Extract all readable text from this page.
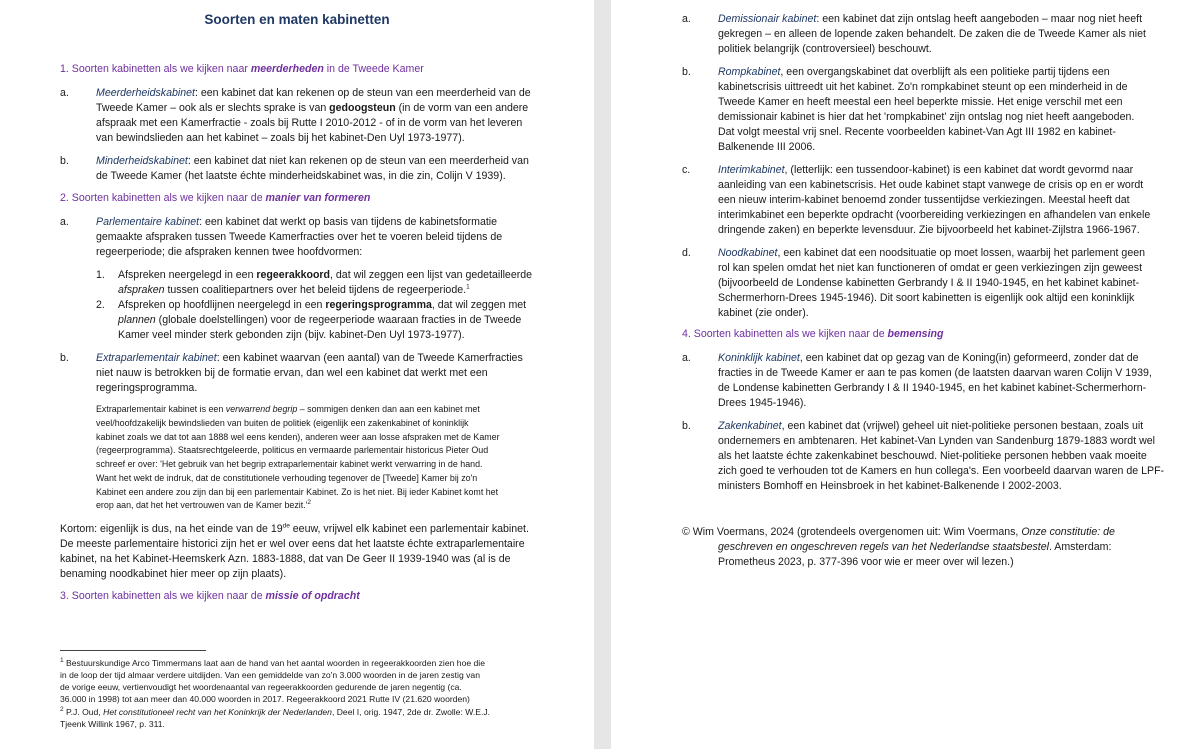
Soorten en maten kabinetten
1. Soorten kabinetten als we kijken naar meerderheden in de Tweede Kamer
a.	Meerderheidskabinet: een kabinet dat kan rekenen op de steun van een meerderheid van de
Tweede Kamer – ook als er slechts sprake is van gedoogsteun (in de vorm van een andere
afspraak met een Kamerfractie - zoals bij Rutte I 2010-2012 - of in de vorm van het leveren
van bewindslieden aan het kabinet – zoals bij het kabinet-Den Uyl 1973-1977).
b.	Minderheidskabinet: een kabinet dat niet kan rekenen op de steun van een meerderheid van
de Tweede Kamer (het laatste échte minderheidskabinet was, in die zin, Colijn V 1939).
2. Soorten kabinetten als we kijken naar de manier van formeren
a.	Parlementaire kabinet: een kabinet dat werkt op basis van tijdens de kabinetsformatie
gemaakte afspraken tussen Tweede Kamerfracties over het te voeren beleid tijdens de
regeerperiode; die afspraken kennen twee hoofdvormen:
1. Afspreken neergelegd in een regeerakkoord, dat wil zeggen een lijst van gedetailleerde
afspraken tussen coalitiepartners over het beleid tijdens de regeerperiode.$^1$
2. Afspreken op hoofdlijnen neergelegd in een regeringsprogramma, dat wil zeggen met
plannen (globale doelstellingen) voor de regeerperiode waaraan fracties in de Tweede
Kamer veel minder sterk gebonden zijn (bijv. kabinet-Den Uyl 1973-1977).
b.	Extraparlementair kabinet: een kabinet waarvan (een aantal) van de Tweede Kamerfracties
niet nauw is betrokken bij de formatie ervan, dan wel een kabinet dat werkt met een
regeringsprogramma.
Extraparlementair kabinet is een verwarrend begrip – sommigen denken dan aan een kabinet met
veel/hoofdzakelijk bewindslieden van buiten de politiek (eigenlijk een zakenkabinet of koninklijk
kabinet zoals we dat tot aan 1888 wel eens kenden), anderen weer aan losse afspraken met de Kamer
(regeerprogramma). Staatsrechtgeleerde, politicus en vermaarde parlementair historicus Pieter Oud
schreef er over: 'Het gebruik van het begrip extraparlementair kabinet werkt verwarring in de hand.
Want het wekt de indruk, dat de constitutionele verhouding tegenover de [Tweede] Kamer bij zo'n
Kabinet een andere zou zijn dan bij een parlementair Kabinet. Zo is het niet. Bij ieder Kabinet komt het
erop aan, dat het het vertrouwen van de Kamer $bezit.'^2$
Kortom: eigenlijk is dus, na het einde van de 19de eeuw, vrijwel elk kabinet een parlementair kabinet.
De meeste parlementaire historici zijn het er wel over eens dat het laatste échte extraparlementaire
kabinet, na het Kabinet-Heemskerk Azn. 1883-1888, dat van De Geer II 1939-1940 was (al is de
benaming noodkabinet hier meer op zijn plaats).
3. Soorten kabinetten als we kijken naar de missie of opdracht
$^1$ Bestuurskundige Arco Timmermans laat aan de hand van het aantal woorden in regeerakkoorden zien hoe die
in de loop der tijd almaar verdere uitdijden. Van een gemiddelde van zo'n 3.000 woorden in de jaren zestig van
de vorige eeuw, vertienvoudigt het woordenaantal van regeerakkoorden gedurende de jaren negentig (ca.
36.000 in 1998) tot aan meer dan 40.000 woorden in 2017. Regeerakkoord 2021 Rutte IV (21.620 woorden)
$^2$ P.J. Oud, Het constitutioneel recht van het Koninkrijk der Nederlanden, Deel I, orig. 1947, 2de dr. Zwolle: W.E.J.
Tjeenk Willink 1967, p. 311.
a.	Demissionair kabinet: een kabinet dat zijn ontslag heeft aangeboden – maar nog niet heeft
gekregen – en alleen de lopende zaken behandelt. De zaken die de Tweede Kamer als niet
politiek belangrijk (controversieel) beschouwt.
b.	Rompkabinet, een overgangskabinet dat overblijft als een politieke partij tijdens een
kabinetscrisis uittreedt uit het kabinet. Zo'n rompkabinet steunt op een minderheid in de
Tweede Kamer en heeft meestal een heel beperkte missie. Het enige verschil met een
demissionair kabinet is hier dat het 'rompkabinet' zijn ontslag nog niet heeft aangeboden.
Dat volgt meestal vrij snel. Recente voorbeelden kabinet-Van Agt III 1982 en kabinet-
Balkenende III 2006.
c.	Interimkabinet, (letterlijk: een tussendoor-kabinet) is een kabinet dat wordt gevormd naar
aanleiding van een kabinetscrisis. Het oude kabinet stapt vanwege de crisis op en er wordt
een nieuw interim-kabinet benoemd zonder tussentijdse verkiezingen. Meestal heeft dat
interimkabinet een beperkte opdracht (voorbereiding verkiezingen en afhandelen van enkele
dringende zaken) en beperkte levensduur. Zie bijvoorbeeld het kabinet-Zijlstra 1966-1967.
d.	Noodkabinet, een kabinet dat een noodsituatie op moet lossen, waarbij het parlement geen
rol kan spelen omdat het niet kan functioneren of omdat er geen verkiezingen zijn geweest
(bijvoorbeeld de Londense kabinetten Gerbrandy I & II 1940-1945, en het kabinet kabinet-
Schermerhorn-Drees 1945-1946). Dit soort kabinetten is eigenlijk ook altijd een koninklijk
kabinet (zie onder).
4. Soorten kabinetten als we kijken naar de bemensing
a.	Koninklijk kabinet, een kabinet dat op gezag van de Koning(in) geformeerd, zonder dat de
fracties in de Tweede Kamer er aan te pas komen (de laatsten daarvan waren Colijn V 1939,
de Londense kabinetten Gerbrandy I & II 1940-1945, en het kabinet kabinet-Schermerhorn-
Drees 1945-1946).
b.	Zakenkabinet, een kabinet dat (vrijwel) geheel uit niet-politieke personen bestaan, zoals uit
ondernemers en ambtenaren. Het kabinet-Van Lynden van Sandenburg 1879-1883 wordt wel
als het laatste échte zakenkabinet beschouwd. Niet-politieke personen hebben vaak moeite
zich goed te verhouden tot de Kamers en hun collega's. Een voorbeeld daarvan waren de LPF-
ministers Bomhoff en Heinsbroek in het kabinet-Balkenende I 2002-2003.
© Wim Voermans, 2024 (grotendeels overgenomen uit: Wim Voermans, Onze constitutie: de
geschreven en ongeschreven regels van het Nederlandse staatsbestel. Amsterdam:
Prometheus 2023, p. 377-396 voor wie er meer over wil lezen.)
